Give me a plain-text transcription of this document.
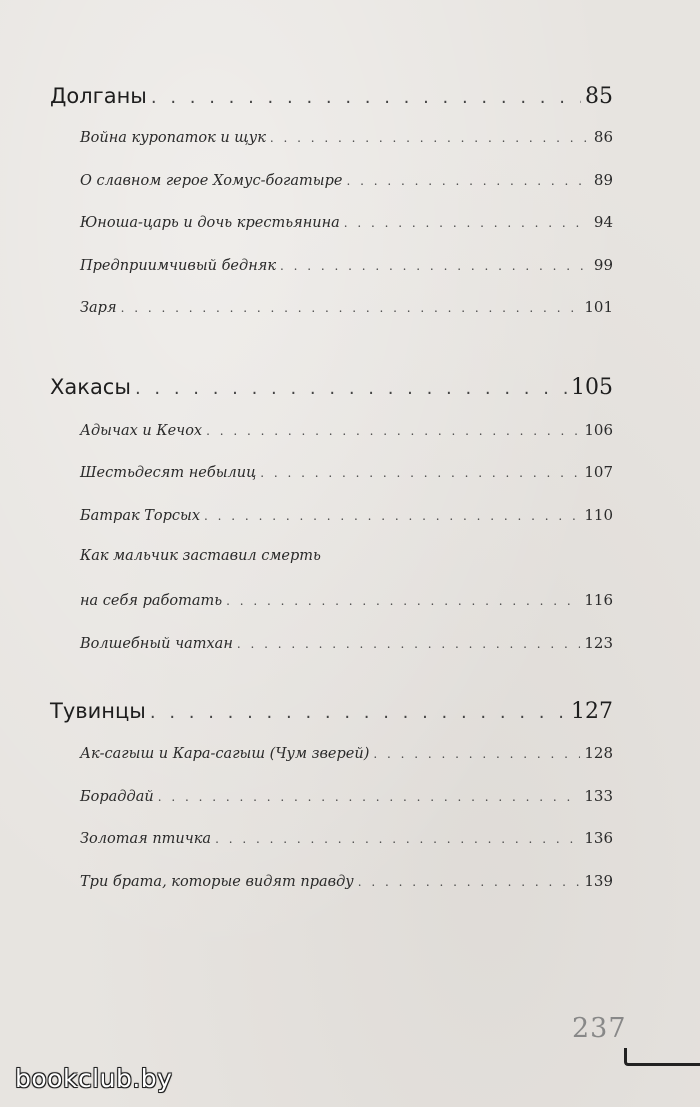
Долганы . . .	85
Война куропаток и щук . . .	86
О славном герое Хомус-богатыре . . .	89
Юноша-царь и дочь крестьянина . . .	94
Предприимчивый бедняк . . .	99
Заря . . .	101
Хакасы . . .	105
Адычах и Кечох . . .	106
Шестьдесят небылиц . . .	107
Батрак Торсых . . .	110
Как мальчик заставил смерть
на себя работать . . .	116
Волшебный чатхан . . .	123
Тувинцы . . .	127
Ак-сагыш и Кара-сагыш (Чум зверей) . . .	128
Бораддай . . .	133
Золотая птичка . . .	136
Три брата, которые видят правду . . .	139
237
bookclub.by
